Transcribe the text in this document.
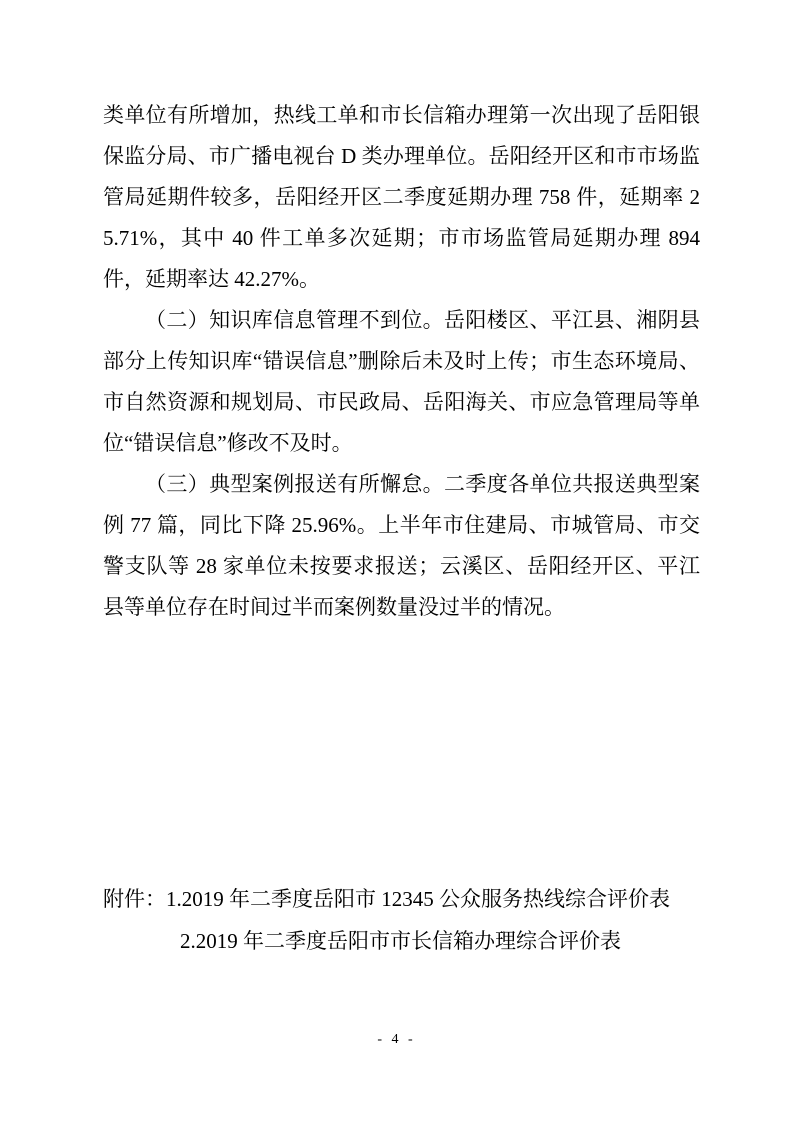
类单位有所增加，热线工单和市长信箱办理第一次出现了岳阳银保监分局、市广播电视台 D 类办理单位。岳阳经开区和市市场监管局延期件较多，岳阳经开区二季度延期办理 758 件，延期率 25.71%，其中 40 件工单多次延期；市市场监管局延期办理 894 件，延期率达 42.27%。

（二）知识库信息管理不到位。岳阳楼区、平江县、湘阴县部分上传知识库“错误信息”删除后未及时上传；市生态环境局、市自然资源和规划局、市民政局、岳阳海关、市应急管理局等单位“错误信息”修改不及时。

（三）典型案例报送有所懈怠。二季度各单位共报送典型案例 77 篇，同比下降 25.96%。上半年市住建局、市城管局、市交警支队等 28 家单位未按要求报送；云溪区、岳阳经开区、平江县等单位存在时间过半而案例数量没过半的情况。

附件：1.2019 年二季度岳阳市 12345 公众服务热线综合评价表
2.2019 年二季度岳阳市市长信箱办理综合评价表
- 4 -
